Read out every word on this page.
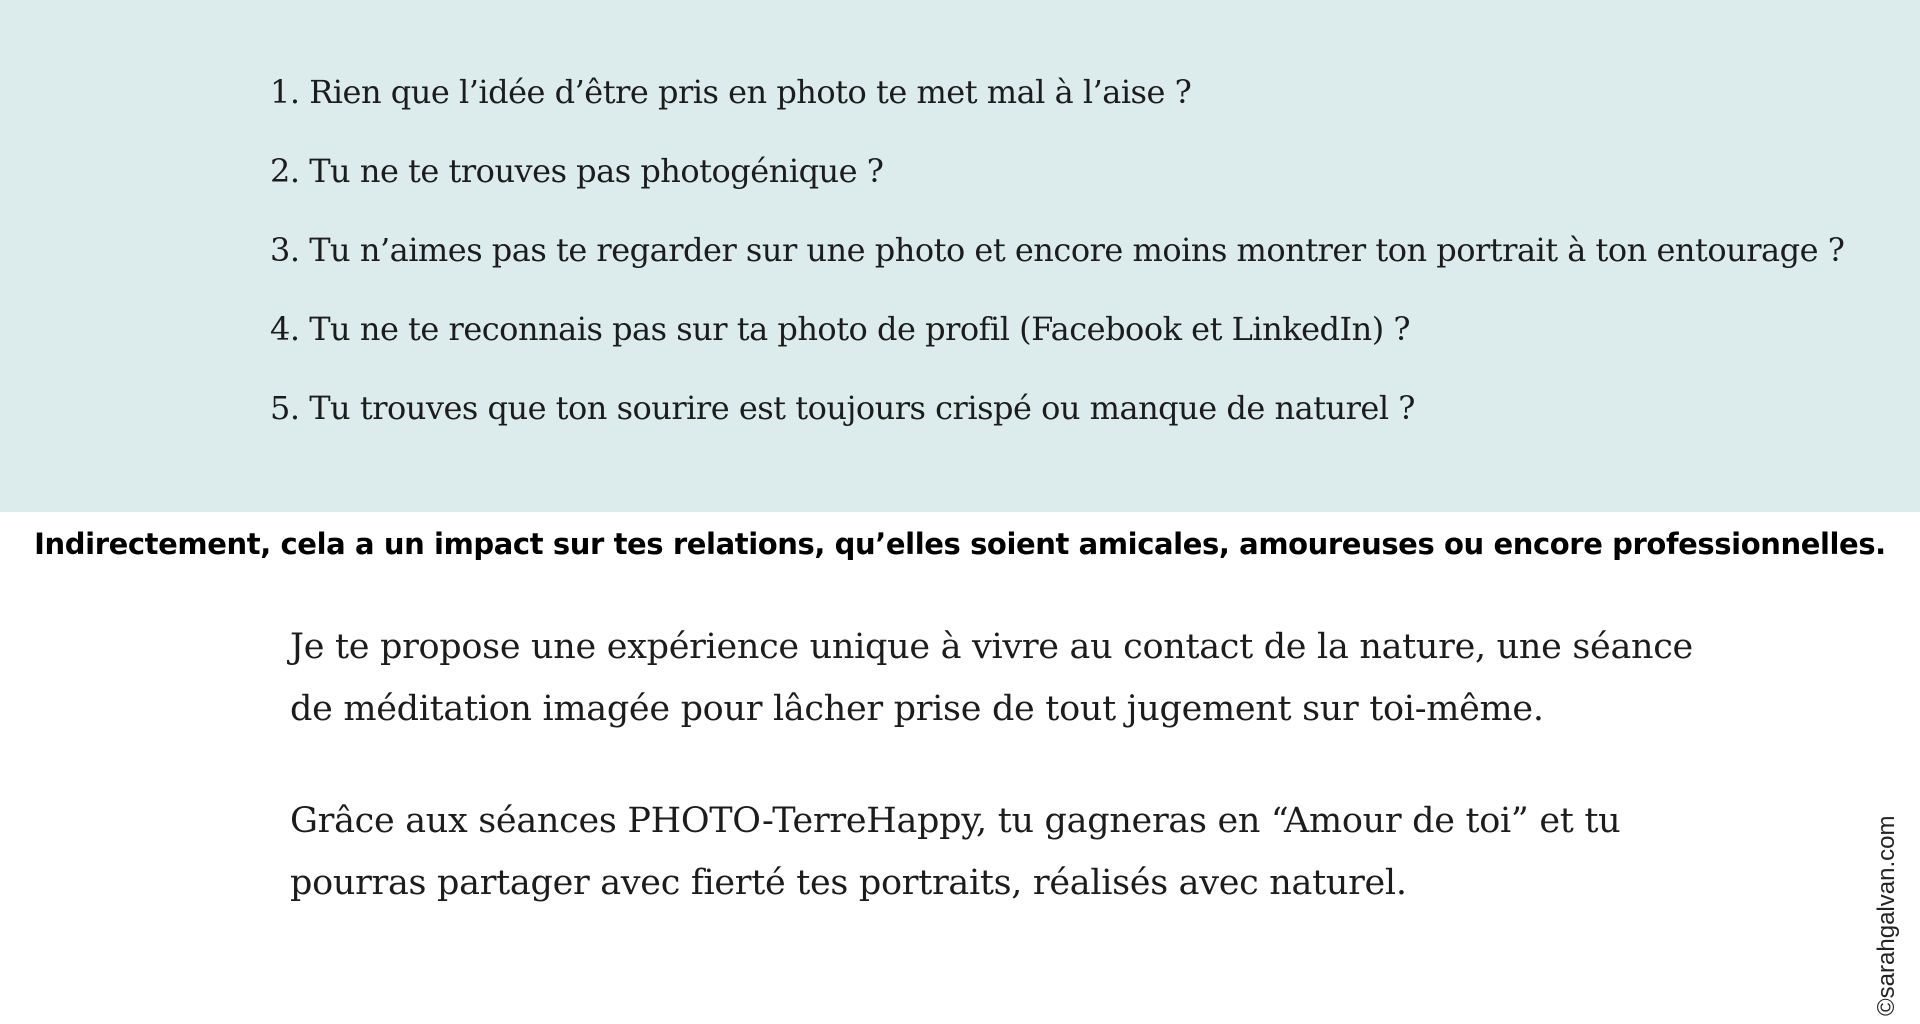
1. Rien que l’idée d’être pris en photo te met mal à l’aise ?
2. Tu ne te trouves pas photogénique ?
3. Tu n’aimes pas te regarder sur une photo et encore moins montrer ton portrait à ton entourage ?
4. Tu ne te reconnais pas sur ta photo de profil (Facebook et LinkedIn) ?
5. Tu trouves que ton sourire est toujours crispé ou manque de naturel ?
Indirectement, cela a un impact sur tes relations, qu’elles soient amicales, amoureuses ou encore professionnelles.

Je te propose une expérience unique à vivre au contact de la nature, une séance de méditation imagée pour lâcher prise de tout jugement sur toi-même.

Grâce aux séances PHOTO-TerreHappy, tu gagneras en “Amour de toi” et tu pourras partager avec fierté tes portraits, réalisés avec naturel.	©sarahgalvan.com
